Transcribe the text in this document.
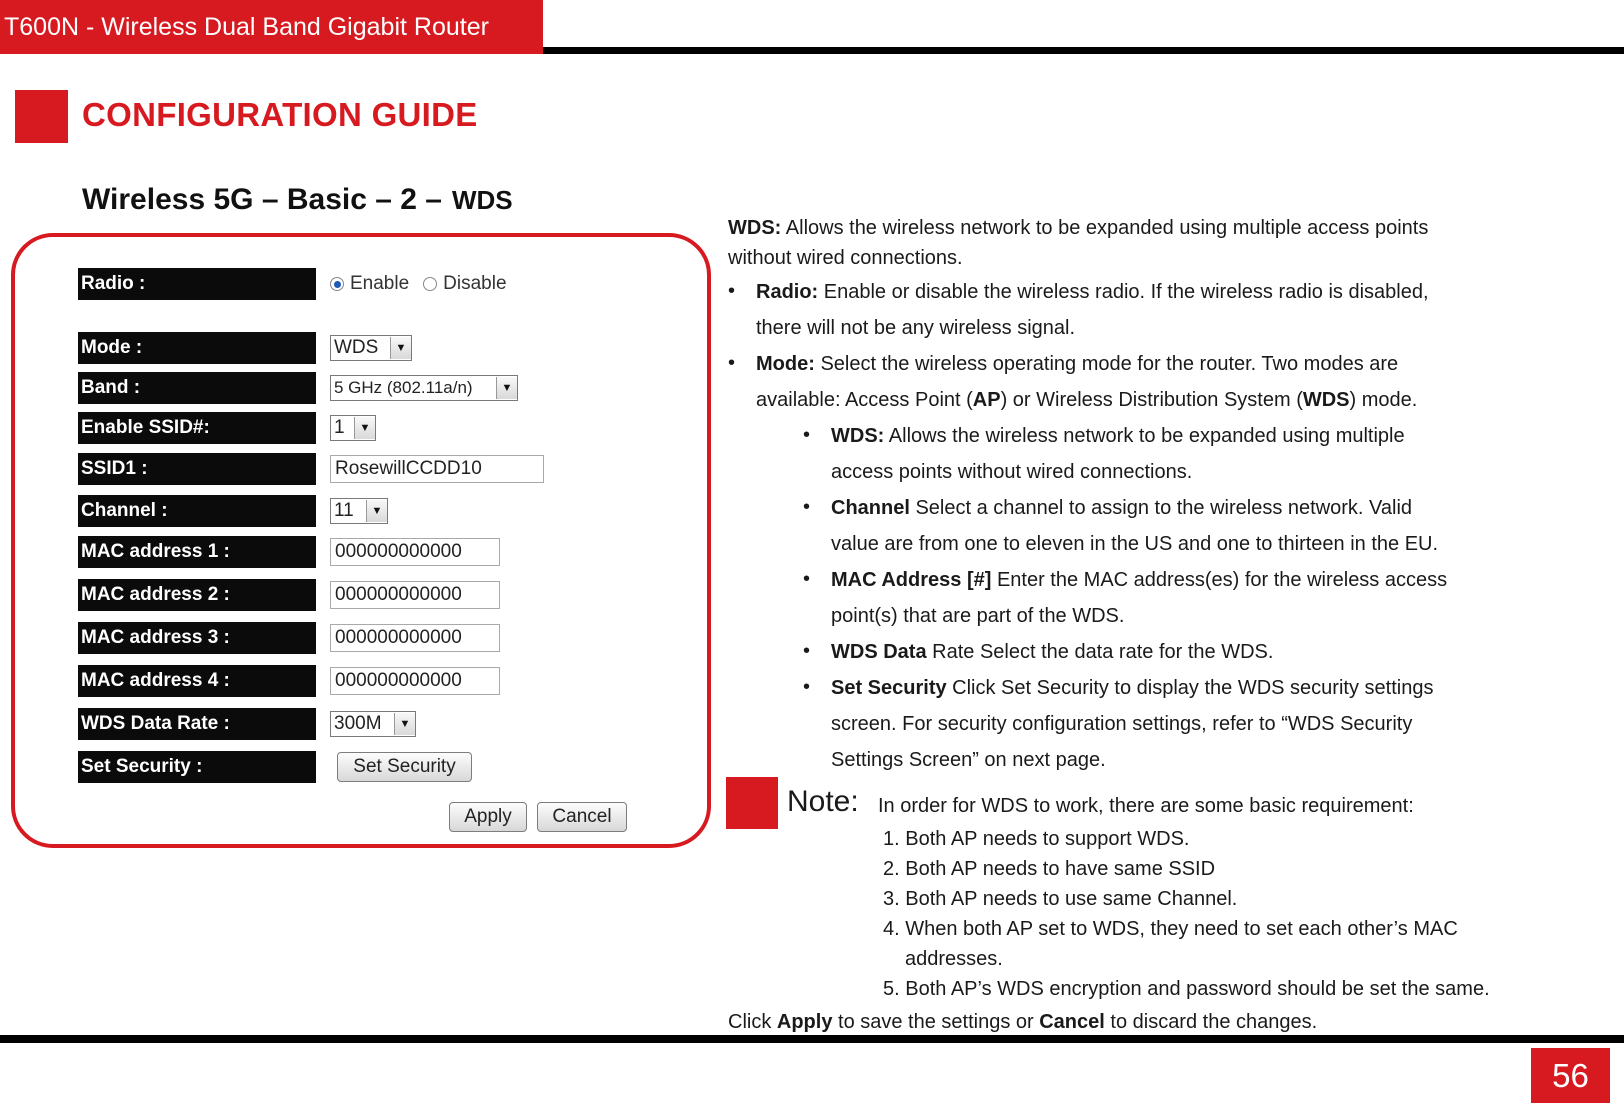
T600N - Wireless Dual Band Gigabit Router
CONFIGURATION GUIDE
Wireless 5G – Basic – 2 – WDS
Radio :	Enable Disable
Mode :	WDS	▼
Band :	5 GHz (802.11a/n)	▼
Enable SSID#:	1	▼
SSID1 :	RosewillCCDD10
Channel :	11	▼
MAC address 1 :	000000000000
MAC address 2 :	000000000000
MAC address 3 :	000000000000
MAC address 4 :	000000000000
WDS Data Rate :	300M	▼
Set Security :	Set Security
Apply	Cancel
WDS: Allows the wireless network to be expanded using multiple access points
without wired connections.
• Radio: Enable or disable the wireless radio. If the wireless radio is disabled,
there will not be any wireless signal.
• Mode: Select the wireless operating mode for the router. Two modes are
available: Access Point (AP) or Wireless Distribution System (WDS) mode.
• WDS: Allows the wireless network to be expanded using multiple
access points without wired connections.
• Channel Select a channel to assign to the wireless network. Valid
value are from one to eleven in the US and one to thirteen in the EU.
• MAC Address [#] Enter the MAC address(es) for the wireless access
point(s) that are part of the WDS.
• WDS Data Rate Select the data rate for the WDS.
• Set Security Click Set Security to display the WDS security settings
screen. For security configuration settings, refer to “WDS Security
Settings Screen” on next page.
Note: In order for WDS to work, there are some basic requirement:
1. Both AP needs to support WDS.
2. Both AP needs to have same SSID
3. Both AP needs to use same Channel.
4. When both AP set to WDS, they need to set each other’s MAC
addresses.
5. Both AP’s WDS encryption and password should be set the same.
Click Apply to save the settings or Cancel to discard the changes.
56
